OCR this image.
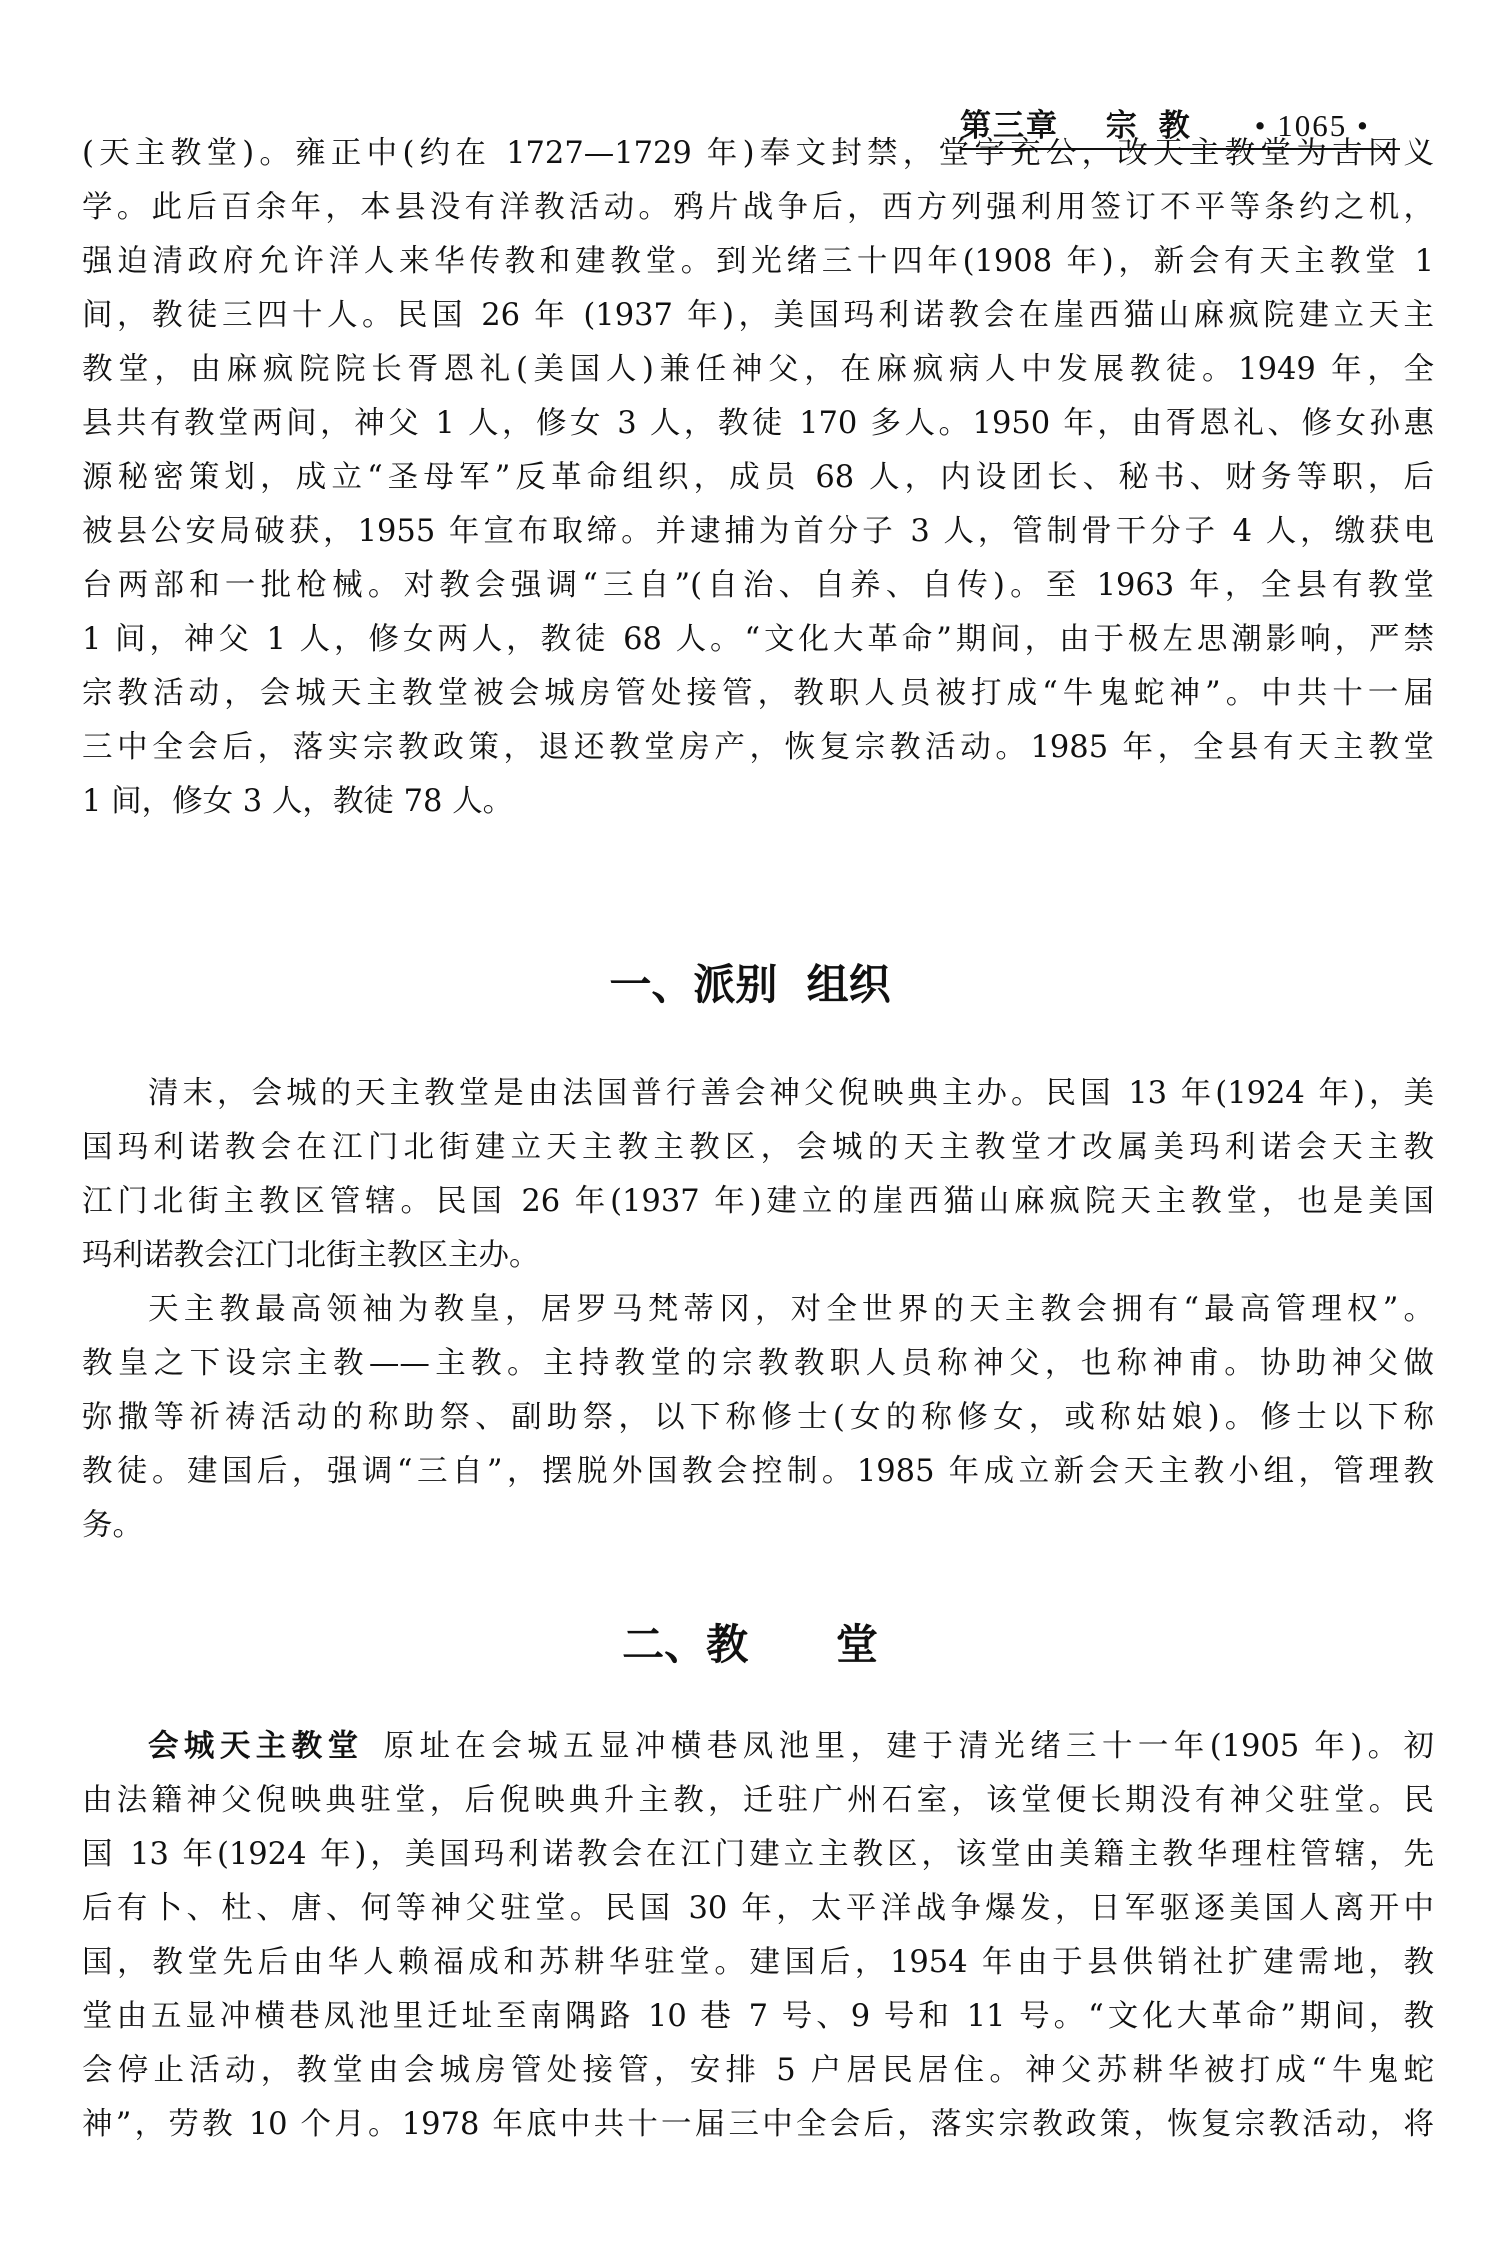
第三章 宗教 • 1065 •
(天主教堂)。雍正中(约在 1727—1729 年)奉文封禁，堂宇充公，改天主教堂为古冈义
学。此后百余年，本县没有洋教活动。鸦片战争后，西方列强利用签订不平等条约之机，
强迫清政府允许洋人来华传教和建教堂。到光绪三十四年(1908 年)，新会有天主教堂 1
间，教徒三四十人。民国 26 年 (1937 年)，美国玛利诺教会在崖西猫山麻疯院建立天主
教堂，由麻疯院院长胥恩礼(美国人)兼任神父，在麻疯病人中发展教徒。1949 年，全
县共有教堂两间，神父 1 人，修女 3 人，教徒 170 多人。1950 年，由胥恩礼、修女孙惠
源秘密策划，成立“圣母军”反革命组织，成员 68 人，内设团长、秘书、财务等职，后
被县公安局破获，1955 年宣布取缔。并逮捕为首分子 3 人，管制骨干分子 4 人，缴获电
台两部和一批枪械。对教会强调“三自”(自治、自养、自传)。至 1963 年，全县有教堂
1 间，神父 1 人，修女两人，教徒 68 人。“文化大革命”期间，由于极左思潮影响，严禁
宗教活动，会城天主教堂被会城房管处接管，教职人员被打成“牛鬼蛇神”。中共十一届
三中全会后，落实宗教政策，退还教堂房产，恢复宗教活动。1985 年，全县有天主教堂
1 间，修女 3 人，教徒 78 人。
一、派别  组织
清末，会城的天主教堂是由法国普行善会神父倪映典主办。民国 13 年(1924 年)，美
国玛利诺教会在江门北街建立天主教主教区，会城的天主教堂才改属美玛利诺会天主教
江门北街主教区管辖。民国 26 年(1937 年)建立的崖西猫山麻疯院天主教堂，也是美国
玛利诺教会江门北街主教区主办。
天主教最高领袖为教皇，居罗马梵蒂冈，对全世界的天主教会拥有“最高管理权”。
教皇之下设宗主教——主教。主持教堂的宗教教职人员称神父，也称神甫。协助神父做
弥撒等祈祷活动的称助祭、副助祭，以下称修士(女的称修女，或称姑娘)。修士以下称
教徒。建国后，强调“三自”，摆脱外国教会控制。1985 年成立新会天主教小组，管理教
务。
二、教      堂
会城天主教堂 原址在会城五显冲横巷凤池里，建于清光绪三十一年(1905 年)。初
由法籍神父倪映典驻堂，后倪映典升主教，迁驻广州石室，该堂便长期没有神父驻堂。民
国 13 年(1924 年)，美国玛利诺教会在江门建立主教区，该堂由美籍主教华理柱管辖，先
后有卜、杜、唐、何等神父驻堂。民国 30 年，太平洋战争爆发，日军驱逐美国人离开中
国，教堂先后由华人赖福成和苏耕华驻堂。建国后，1954 年由于县供销社扩建需地，教
堂由五显冲横巷凤池里迁址至南隅路 10 巷 7 号、9 号和 11 号。“文化大革命”期间，教
会停止活动，教堂由会城房管处接管，安排 5 户居民居住。神父苏耕华被打成“牛鬼蛇
神”，劳教 10 个月。1978 年底中共十一届三中全会后，落实宗教政策，恢复宗教活动，将
